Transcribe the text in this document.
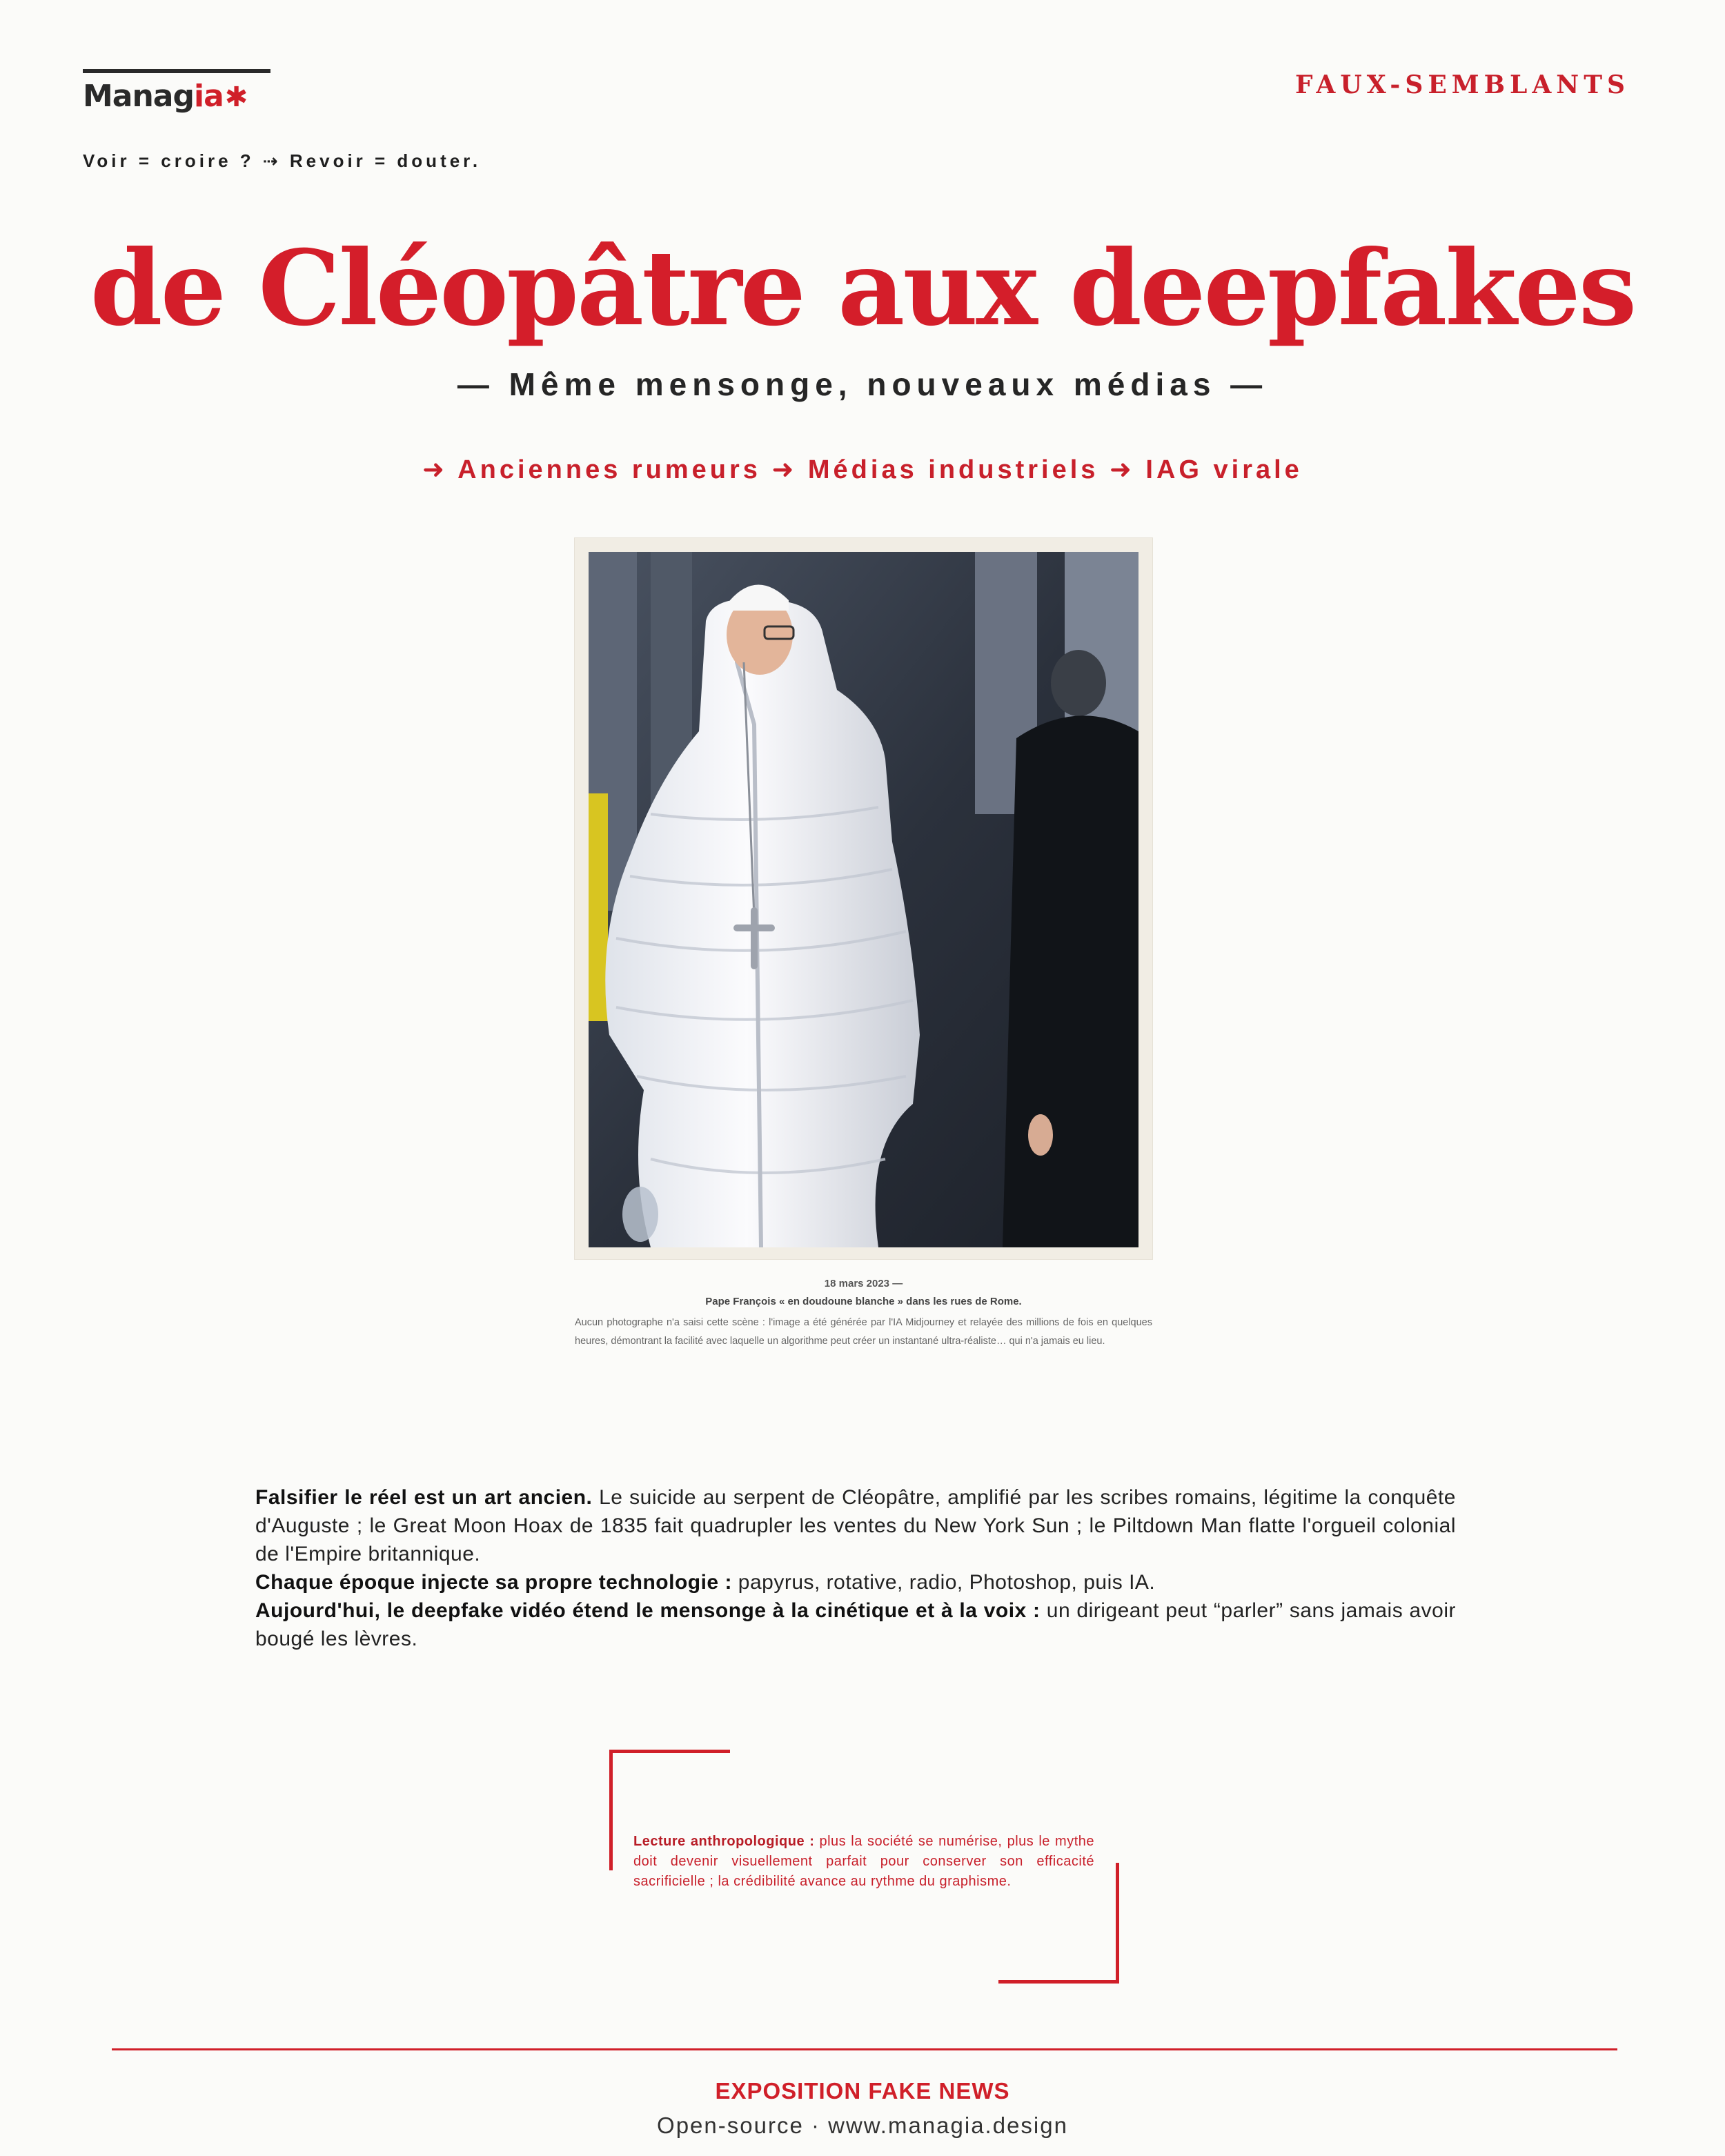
Managia✱	FAUX-SEMBLANTS
Voir = croire ? ⇢ Revoir = douter.
de Cléopâtre aux deepfakes
— Même mensonge, nouveaux médias —
➜ Anciennes rumeurs ➜ Médias industriels ➜ IAG virale
18 mars 2023 —
Pape François « en doudoune blanche » dans les rues de Rome.
Aucun photographe n'a saisi cette scène : l'image a été générée par l'IA Midjourney et relayée des millions de fois en quelques heures, démontrant la facilité avec laquelle un algorithme peut créer un instantané ultra-réaliste… qui n'a jamais eu lieu.

Falsifier le réel est un art ancien. Le suicide au serpent de Cléopâtre, amplifié par les scribes romains, légitime la conquête d'Auguste ; le Great Moon Hoax de 1835 fait quadrupler les ventes du New York Sun ; le Piltdown Man flatte l'orgueil colonial de l'Empire britannique.

Chaque époque injecte sa propre technologie : papyrus, rotative, radio, Photoshop, puis IA.

Aujourd'hui, le deepfake vidéo étend le mensonge à la cinétique et à la voix : un dirigeant peut “parler” sans jamais avoir bougé les lèvres.

Lecture anthropologique : plus la société se numérise, plus le mythe doit devenir visuellement parfait pour conserver son efficacité sacrificielle ; la crédibilité avance au rythme du graphisme.
EXPOSITION FAKE NEWS
Open-source · www.managia.design
